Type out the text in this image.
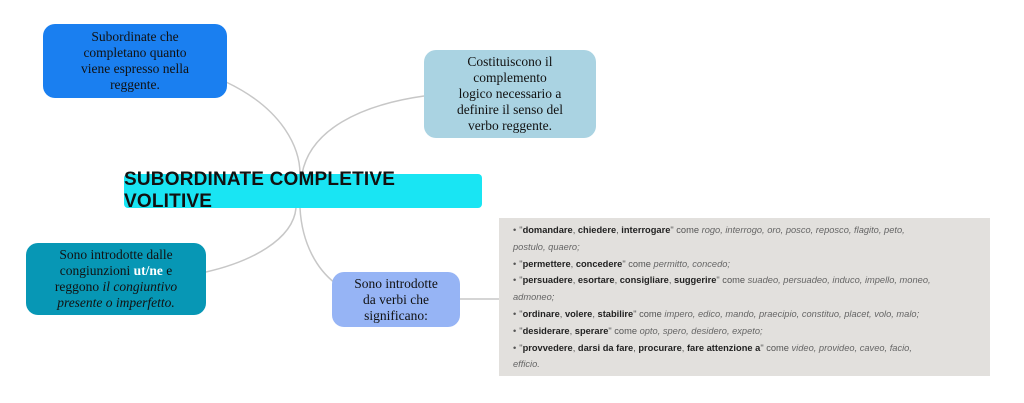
Subordinate che
completano quanto
viene espresso nella
reggente.
Costituiscono il
complemento
logico necessario a
definire il senso del
verbo reggente.
SUBORDINATE COMPLETIVE VOLITIVE
Sono introdotte dalle
congiunzioni ut/ne e
reggono il congiuntivo
presente o imperfetto.
Sono introdotte
da verbi che
significano:
• "domandare, chiedere, interrogare" come rogo, interrogo, oro, posco, reposco, flagito, peto,
postulo, quaero;
• "permettere, concedere" come permitto, concedo;
• "persuadere, esortare, consigliare, suggerire" come suadeo, persuadeo, induco, impello, moneo,
admoneo;
• "ordinare, volere, stabilire" come impero, edico, mando, praecipio, constituo, placet, volo, malo;
• "desiderare, sperare" come opto, spero, desidero, expeto;
• "provvedere, darsi da fare, procurare, fare attenzione a" come video, provideo, caveo, facio,
efficio.
